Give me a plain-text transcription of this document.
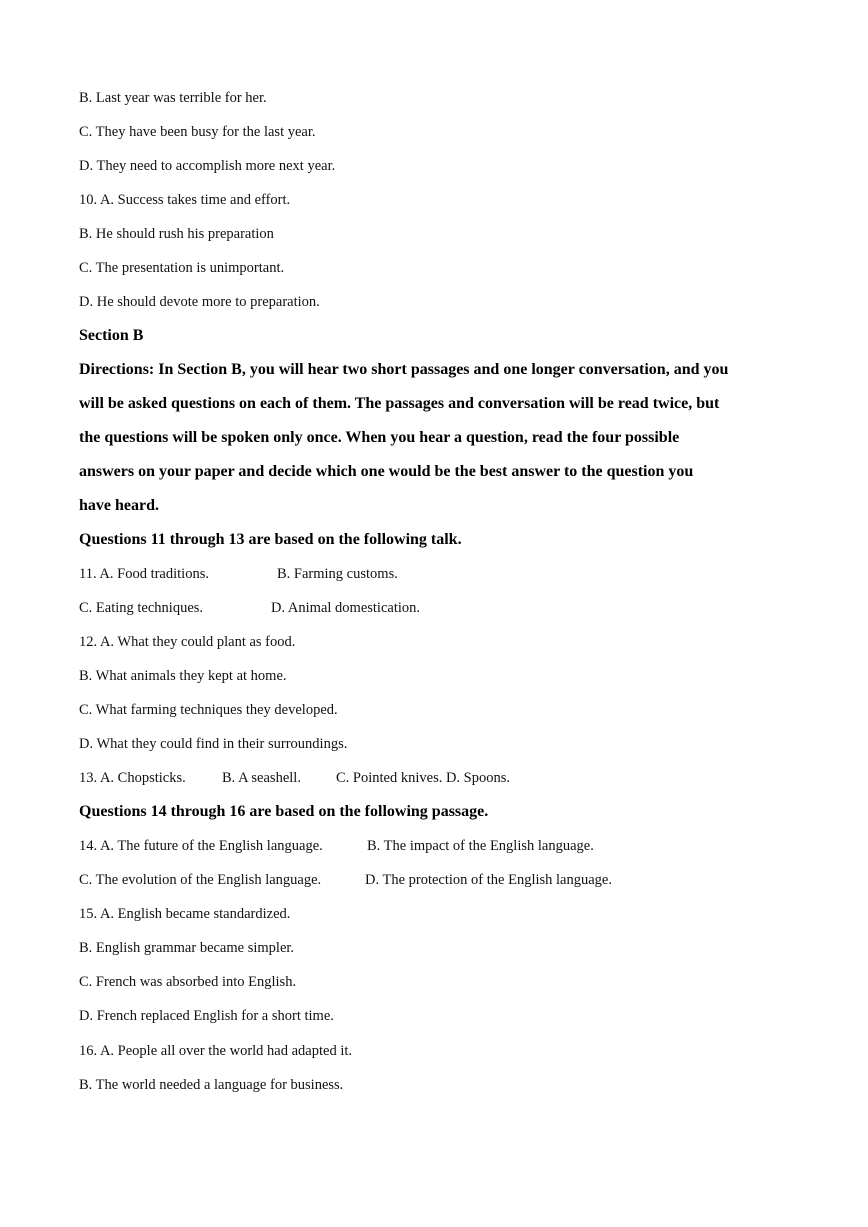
B. Last year was terrible for her.
C. They have been busy for the last year.
D. They need to accomplish more next year.
10. A. Success takes time and effort.
B. He should rush his preparation
C. The presentation is unimportant.
D. He should devote more to preparation.
Section B
Directions: In Section B, you will hear two short passages and one longer conversation, and you
will be asked questions on each of them. The passages and conversation will be read twice, but
the questions will be spoken only once. When you hear a question, read the four possible
answers on your paper and decide which one would be the best answer to the question you
have heard.
Questions 11 through 13 are based on the following talk.
11. A. Food traditions.	B. Farming customs.
C. Eating techniques.	D. Animal domestication.
12. A. What they could plant as food.
B. What animals they kept at home.
C. What farming techniques they developed.
D. What they could find in their surroundings.
13. A. Chopsticks.	B. A seashell. C. Pointed knives. D. Spoons.
Questions 14 through 16 are based on the following passage.
14. A. The future of the English language.	B. The impact of the English language.
C. The evolution of the English language.	D. The protection of the English language.
15. A. English became standardized.
B. English grammar became simpler.
C. French was absorbed into English.
D. French replaced English for a short time.
16. A. People all over the world had adapted it.
B. The world needed a language for business.
